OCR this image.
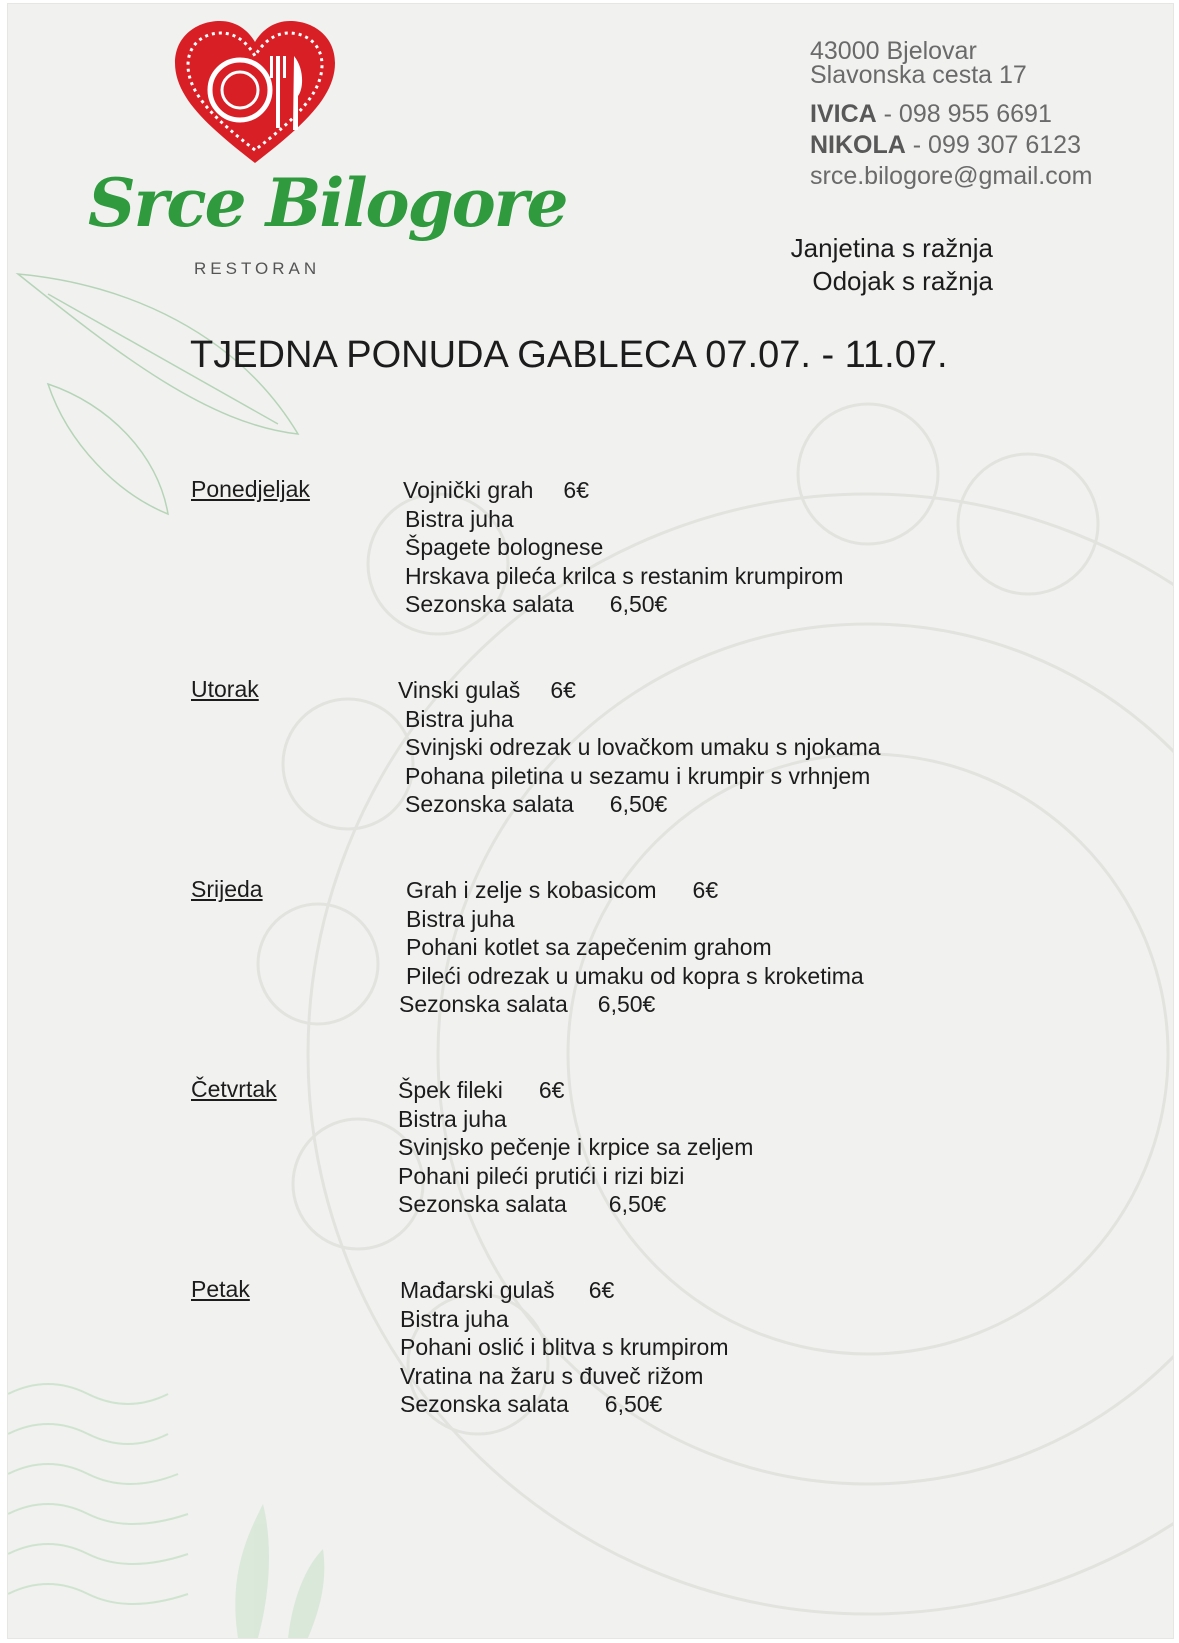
Srce Bilogore
RESTORAN
43000 Bjelovar
Slavonska cesta 17
IVICA - 098 955 6691
NIKOLA - 099 307 6123
srce.bilogore@gmail.com
Janjetina s ražnja
Odojak s ražnja
TJEDNA PONUDA GABLECA 07.07. - 11.07.
Ponedjeljak	Vojnički grah 6€
Bistra juha
Špagete bolognese
Hrskava pileća krilca s restanim krumpirom
Sezonska salata 6,50€
Utorak	Vinski gulaš 6€
Bistra juha
Svinjski odrezak u lovačkom umaku s njokama
Pohana piletina u sezamu i krumpir s vrhnjem
Sezonska salata 6,50€
Srijeda	Grah i zelje s kobasicom 6€
Bistra juha
Pohani kotlet sa zapečenim grahom
Pileći odrezak u umaku od kopra s kroketima
Sezonska salata 6,50€
Četvrtak	Špek fileki 6€
Bistra juha
Svinjsko pečenje i krpice sa zeljem
Pohani pileći prutići i rizi bizi
Sezonska salata 6,50€
Petak	Mađarski gulaš 6€
Bistra juha
Pohani oslić i blitva s krumpirom
Vratina na žaru s đuveč rižom
Sezonska salata 6,50€
